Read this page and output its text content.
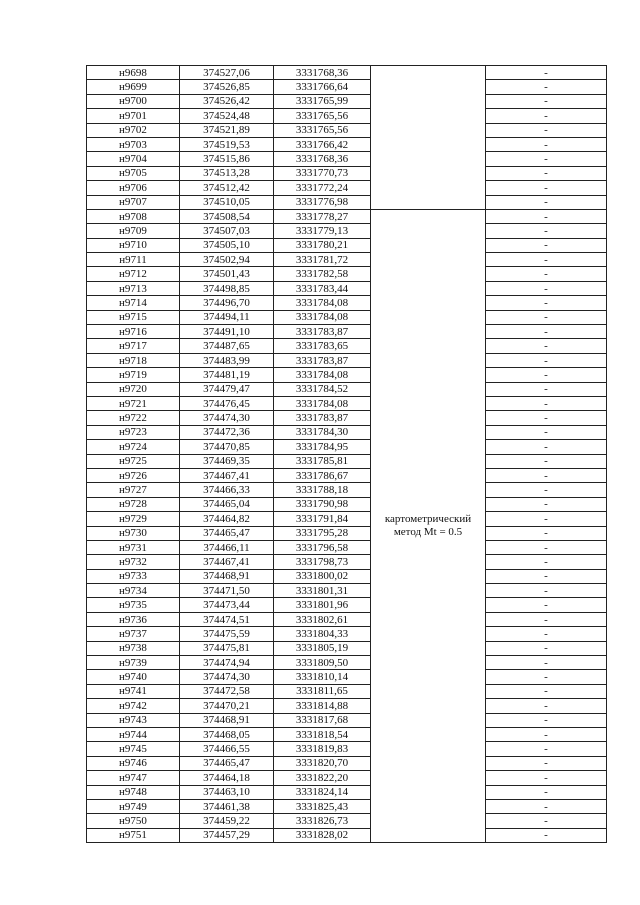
н9698	374527,06	3331768,36		-
н9699	374526,85	3331766,64		-
н9700	374526,42	3331765,99		-
н9701	374524,48	3331765,56		-
н9702	374521,89	3331765,56		-
н9703	374519,53	3331766,42		-
н9704	374515,86	3331768,36		-
н9705	374513,28	3331770,73		-
н9706	374512,42	3331772,24		-
н9707	374510,05	3331776,98		-
н9708	374508,54	3331778,27	картометрический метод Mt = 0.5	-
н9709	374507,03	3331779,13		-
н9710	374505,10	3331780,21		-
н9711	374502,94	3331781,72		-
н9712	374501,43	3331782,58		-
н9713	374498,85	3331783,44		-
н9714	374496,70	3331784,08		-
н9715	374494,11	3331784,08		-
н9716	374491,10	3331783,87		-
н9717	374487,65	3331783,65		-
н9718	374483,99	3331783,87		-
н9719	374481,19	3331784,08		-
н9720	374479,47	3331784,52		-
н9721	374476,45	3331784,08		-
н9722	374474,30	3331783,87		-
н9723	374472,36	3331784,30		-
н9724	374470,85	3331784,95		-
н9725	374469,35	3331785,81		-
н9726	374467,41	3331786,67		-
н9727	374466,33	3331788,18		-
н9728	374465,04	3331790,98		-
н9729	374464,82	3331791,84		-
н9730	374465,47	3331795,28		-
н9731	374466,11	3331796,58		-
н9732	374467,41	3331798,73		-
н9733	374468,91	3331800,02		-
н9734	374471,50	3331801,31		-
н9735	374473,44	3331801,96		-
н9736	374474,51	3331802,61		-
н9737	374475,59	3331804,33		-
н9738	374475,81	3331805,19		-
н9739	374474,94	3331809,50		-
н9740	374474,30	3331810,14		-
н9741	374472,58	3331811,65		-
н9742	374470,21	3331814,88		-
н9743	374468,91	3331817,68		-
н9744	374468,05	3331818,54		-
н9745	374466,55	3331819,83		-
н9746	374465,47	3331820,70		-
н9747	374464,18	3331822,20		-
н9748	374463,10	3331824,14		-
н9749	374461,38	3331825,43		-
н9750	374459,22	3331826,73		-
н9751	374457,29	3331828,02		-
